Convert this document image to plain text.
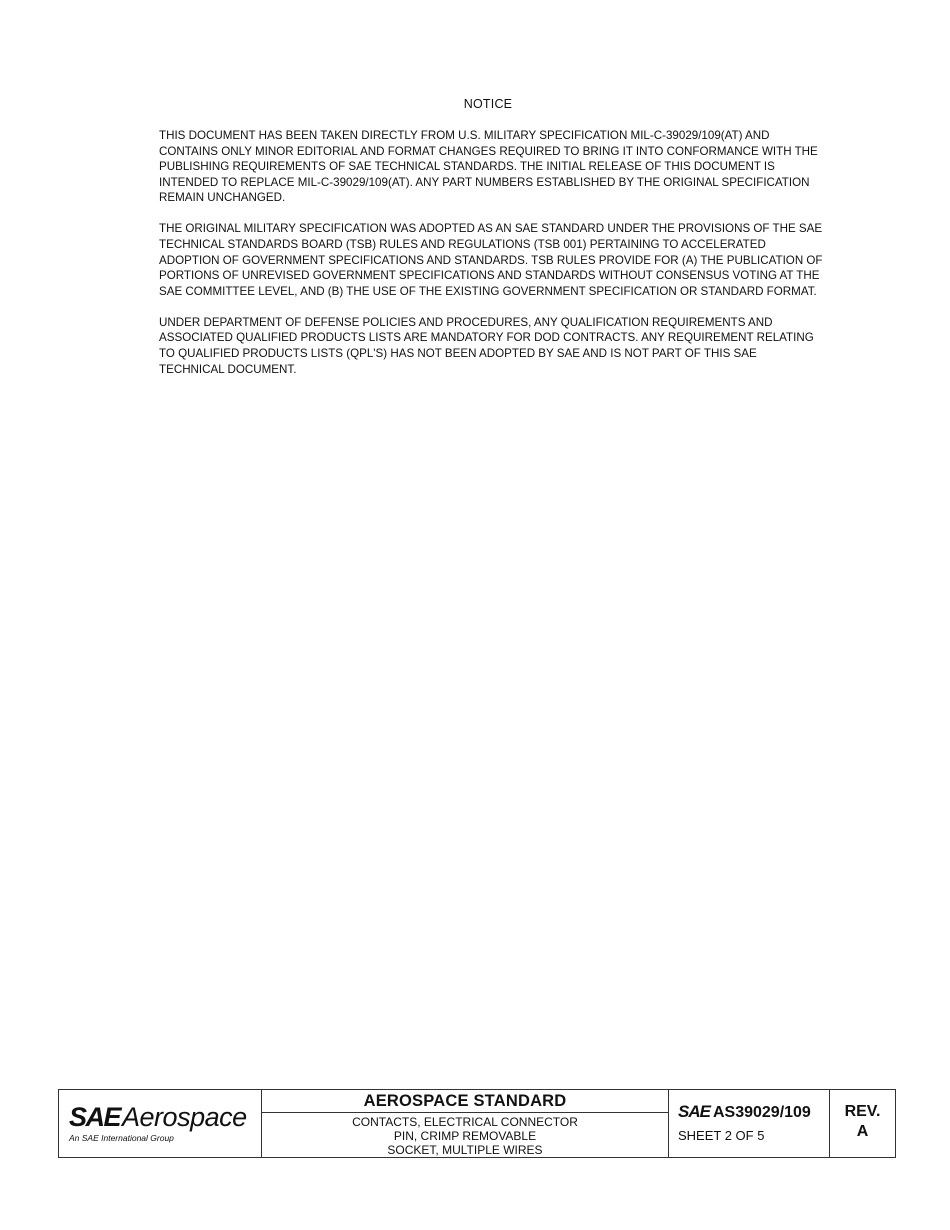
NOTICE

THIS DOCUMENT HAS BEEN TAKEN DIRECTLY FROM U.S. MILITARY SPECIFICATION MIL-C-39029/109(AT) AND CONTAINS ONLY MINOR EDITORIAL AND FORMAT CHANGES REQUIRED TO BRING IT INTO CONFORMANCE WITH THE PUBLISHING REQUIREMENTS OF SAE TECHNICAL STANDARDS. THE INITIAL RELEASE OF THIS DOCUMENT IS INTENDED TO REPLACE MIL-C-39029/109(AT). ANY PART NUMBERS ESTABLISHED BY THE ORIGINAL SPECIFICATION REMAIN UNCHANGED.

THE ORIGINAL MILITARY SPECIFICATION WAS ADOPTED AS AN SAE STANDARD UNDER THE PROVISIONS OF THE SAE TECHNICAL STANDARDS BOARD (TSB) RULES AND REGULATIONS (TSB 001) PERTAINING TO ACCELERATED ADOPTION OF GOVERNMENT SPECIFICATIONS AND STANDARDS. TSB RULES PROVIDE FOR (A) THE PUBLICATION OF PORTIONS OF UNREVISED GOVERNMENT SPECIFICATIONS AND STANDARDS WITHOUT CONSENSUS VOTING AT THE SAE COMMITTEE LEVEL, AND (B) THE USE OF THE EXISTING GOVERNMENT SPECIFICATION OR STANDARD FORMAT.

UNDER DEPARTMENT OF DEFENSE POLICIES AND PROCEDURES, ANY QUALIFICATION REQUIREMENTS AND ASSOCIATED QUALIFIED PRODUCTS LISTS ARE MANDATORY FOR DOD CONTRACTS. ANY REQUIREMENT RELATING TO QUALIFIED PRODUCTS LISTS (QPL'S) HAS NOT BEEN ADOPTED BY SAE AND IS NOT PART OF THIS SAE TECHNICAL DOCUMENT.

SAEAerospace
An SAE International Group
AEROSPACE STANDARD
CONTACTS, ELECTRICAL CONNECTOR
PIN, CRIMP REMOVABLE
SOCKET, MULTIPLE WIRES
SAE AS39029/109
SHEET 2 OF 5
REV.
A
